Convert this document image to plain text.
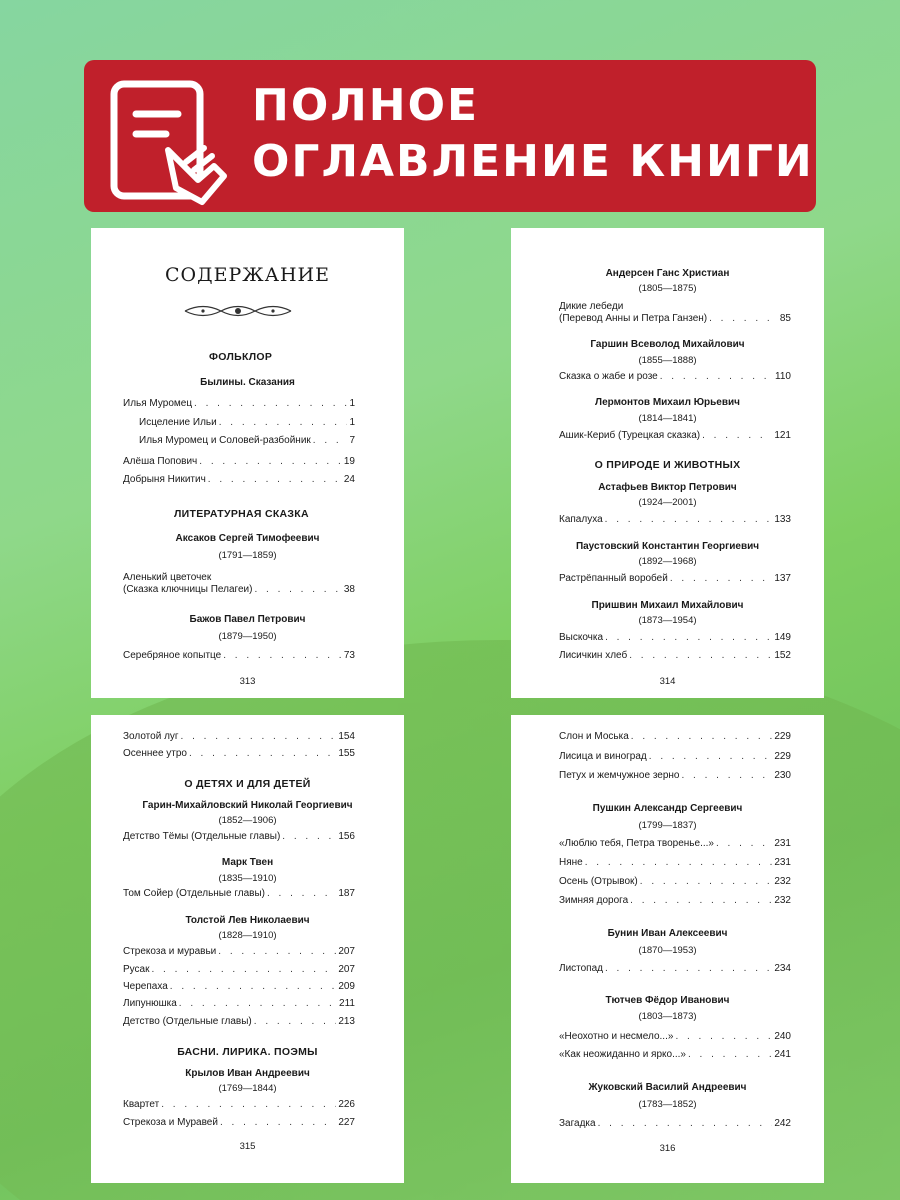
ПОЛНОЕ
ОГЛАВЛЕНИЕ КНИГИ
СОДЕРЖАНИЕ
ФОЛЬКЛОР
Былины. Сказания
Илья Муромец . . .	1
Исцеление Ильи . . .	1
Илья Муромец и Соловей-разбойник . . .	7
Алёша Попович . . .	19
Добрыня Никитич . . .	24
ЛИТЕРАТУРНАЯ СКАЗКА
Аксаков Сергей Тимофеевич
(1791—1859)
Аленький цветочек
(Сказка ключницы Пелагеи) . . .	38
Бажов Павел Петрович
(1879—1950)
Серебряное копытце . . .	73
313
Андерсен Ганс Христиан
(1805—1875)
Дикие лебеди
(Перевод Анны и Петра Ганзен) . . .	85
Гаршин Всеволод Михайлович
(1855—1888)
Сказка о жабе и розе . . .	110
Лермонтов Михаил Юрьевич
(1814—1841)
Ашик-Кериб (Турецкая сказка) . . .	121
О ПРИРОДЕ И ЖИВОТНЫХ
Астафьев Виктор Петрович
(1924—2001)
Капалуха . . .	133
Паустовский Константин Георгиевич
(1892—1968)
Растрёпанный воробей . . .	137
Пришвин Михаил Михайлович
(1873—1954)
Выскочка . . .	149
Лисичкин хлеб . . .	152
314
Золотой луг . . .	154
Осеннее утро . . .	155
О ДЕТЯХ И ДЛЯ ДЕТЕЙ
Гарин-Михайловский Николай Георгиевич
(1852—1906)
Детство Тёмы (Отдельные главы) . . .	156
Марк Твен
(1835—1910)
Том Сойер (Отдельные главы) . . .	187
Толстой Лев Николаевич
(1828—1910)
Стрекоза и муравьи . . .	207
Русак . . .	207
Черепаха . . .	209
Липунюшка . . .	211
Детство (Отдельные главы) . . .	213
БАСНИ. ЛИРИКА. ПОЭМЫ
Крылов Иван Андреевич
(1769—1844)
Квартет . . .	226
Стрекоза и Муравей . . .	227
315
Слон и Моська . . .	229
Лисица и виноград . . .	229
Петух и жемчужное зерно . . .	230
Пушкин Александр Сергеевич
(1799—1837)
«Люблю тебя, Петра творенье...» . . .	231
Няне . . .	231
Осень (Отрывок) . . .	232
Зимняя дорога . . .	232
Бунин Иван Алексеевич
(1870—1953)
Листопад . . .	234
Тютчев Фёдор Иванович
(1803—1873)
«Неохотно и несмело...» . . .	240
«Как неожиданно и ярко...» . . .	241
Жуковский Василий Андреевич
(1783—1852)
Загадка . . .	242
316
